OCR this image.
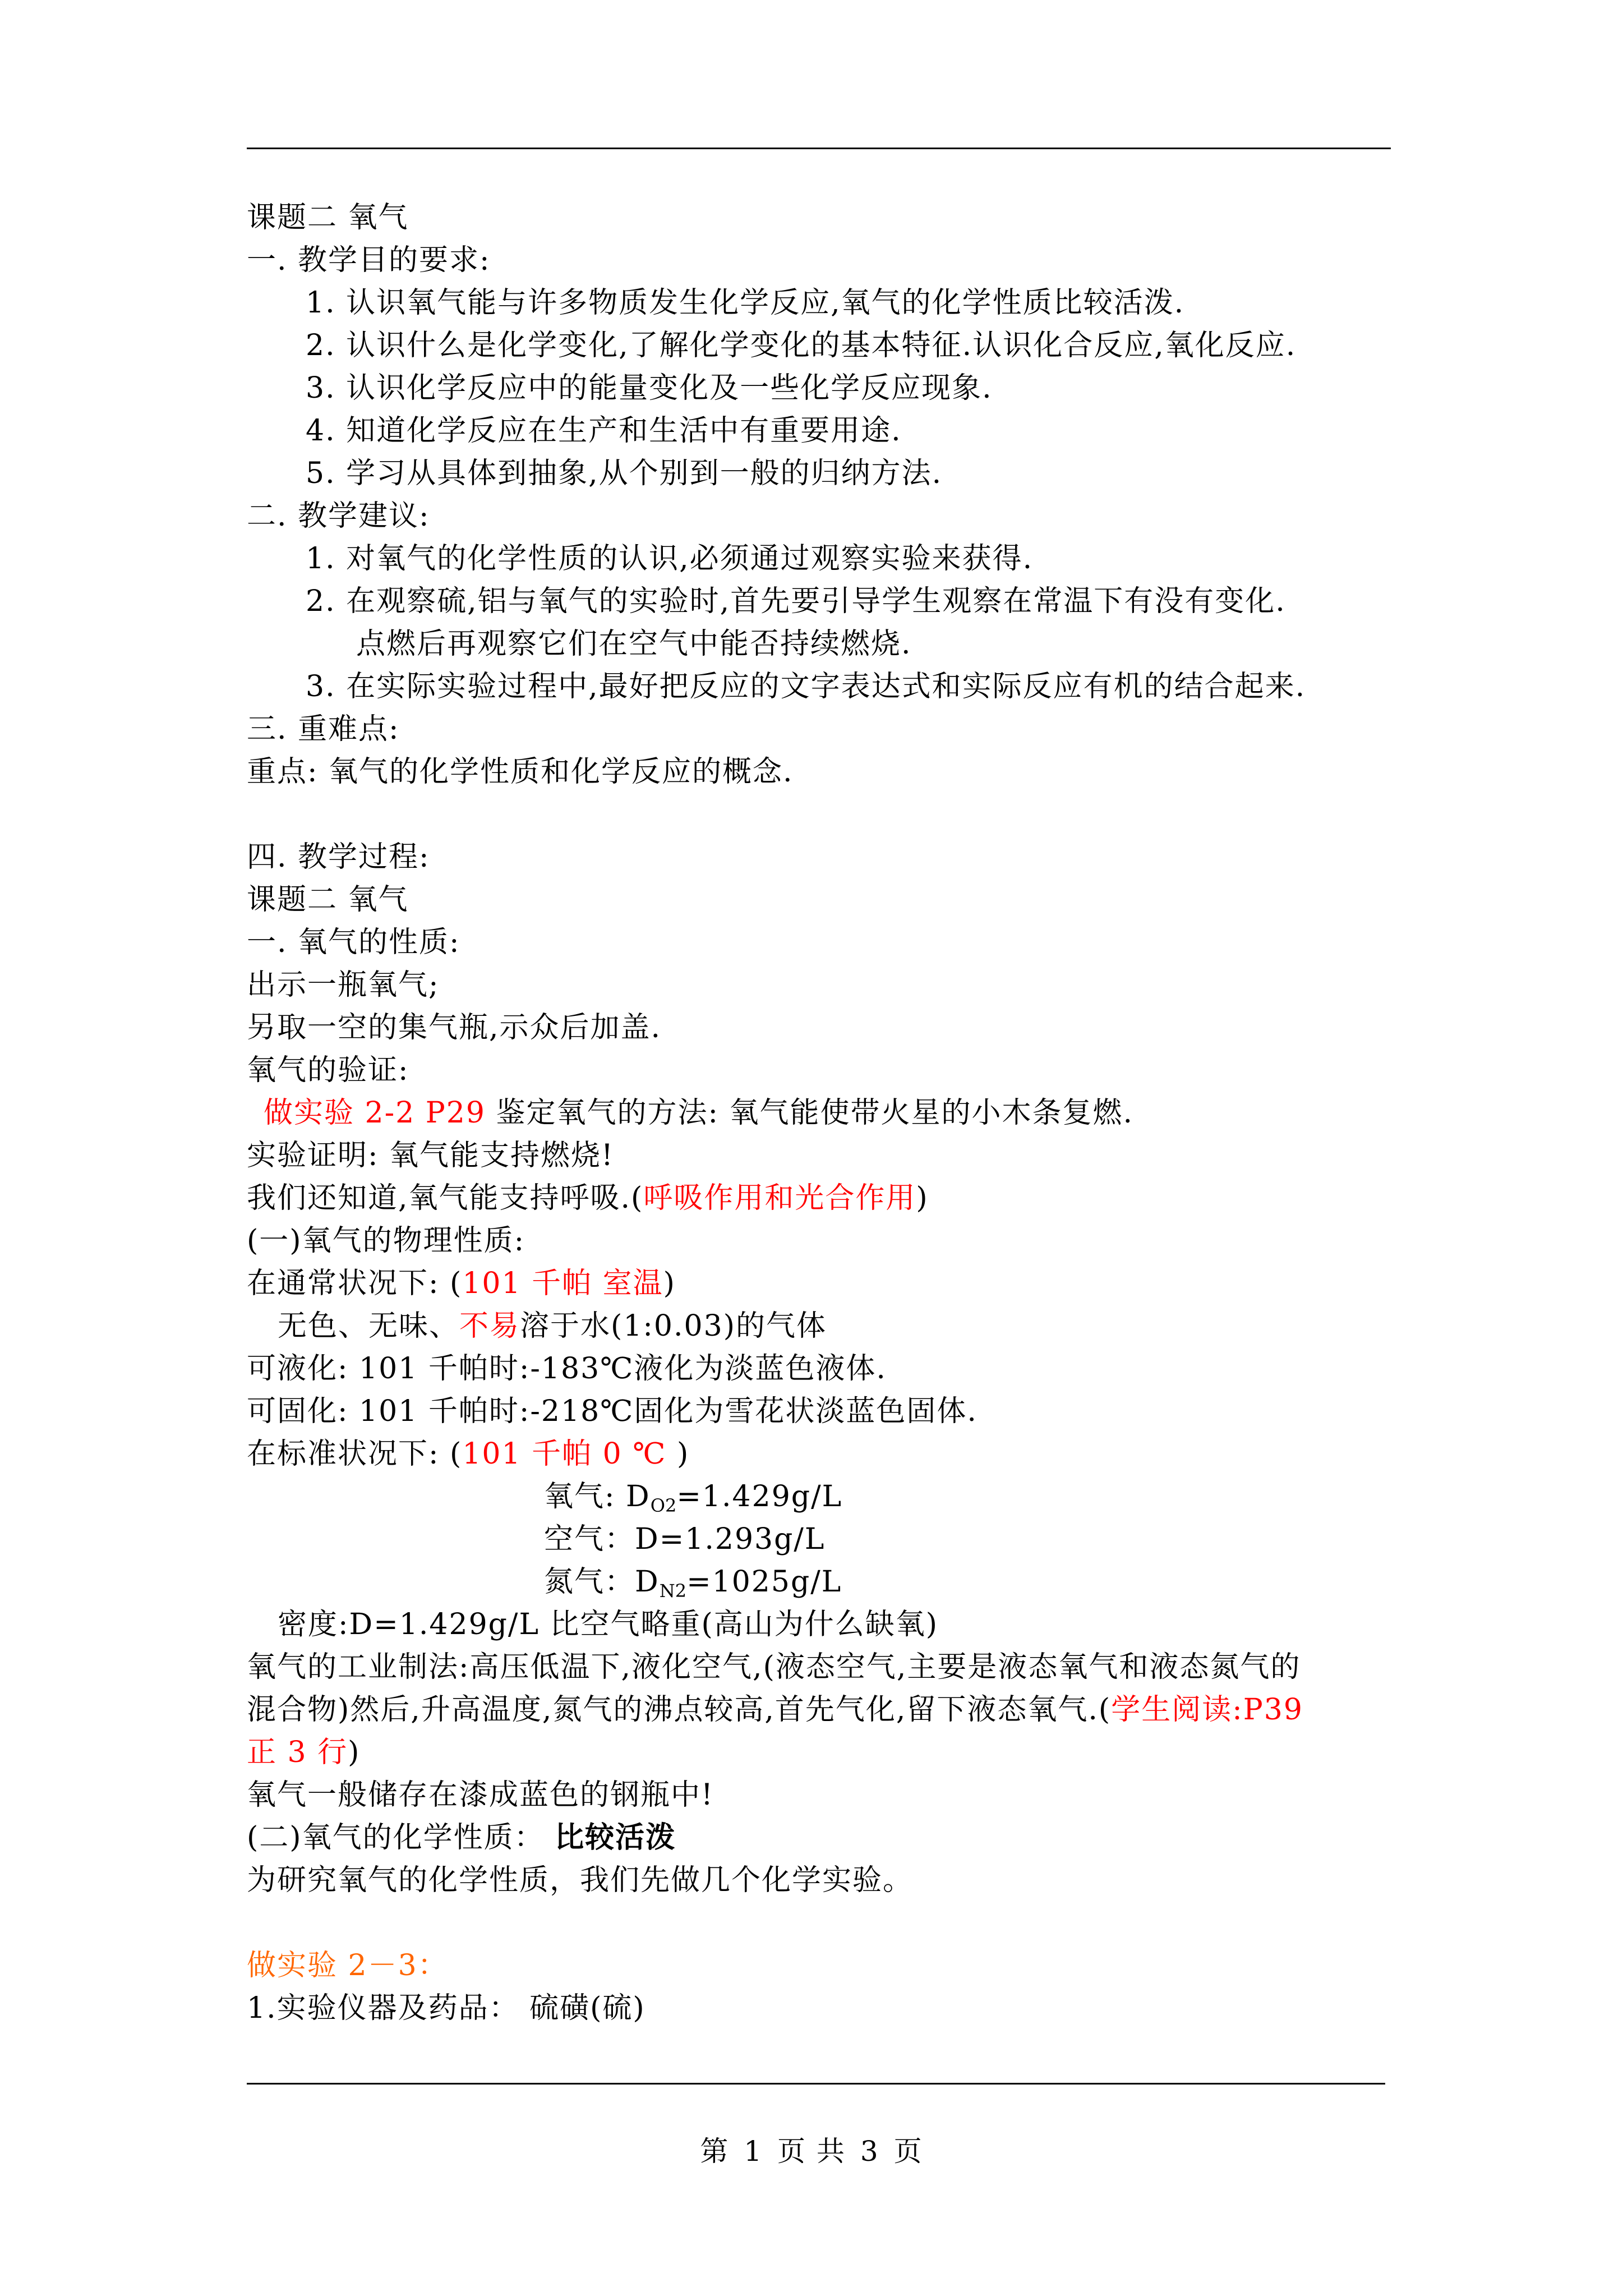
课题二 氧气
一. 教学目的要求:
1. 认识氧气能与许多物质发生化学反应,氧气的化学性质比较活泼.
2. 认识什么是化学变化,了解化学变化的基本特征.认识化合反应,氧化反应.
3. 认识化学反应中的能量变化及一些化学反应现象.
4. 知道化学反应在生产和生活中有重要用途.
5. 学习从具体到抽象,从个别到一般的归纳方法.
二. 教学建议:
1. 对氧气的化学性质的认识,必须通过观察实验来获得.
2. 在观察硫,铝与氧气的实验时,首先要引导学生观察在常温下有没有变化.
点燃后再观察它们在空气中能否持续燃烧.
3. 在实际实验过程中,最好把反应的文字表达式和实际反应有机的结合起来.
三. 重难点:
重点: 氧气的化学性质和化学反应的概念.
四. 教学过程:
课题二 氧气
一. 氧气的性质:
出示一瓶氧气;
另取一空的集气瓶,示众后加盖.
氧气的验证:
做实验 2-2 P29 鉴定氧气的方法: 氧气能使带火星的小木条复燃.
实验证明: 氧气能支持燃烧!
我们还知道,氧气能支持呼吸.(呼吸作用和光合作用)
(一)氧气的物理性质:
在通常状况下: (101 千帕 室温)
无色、无味、不易溶于水(1:0.03)的气体
可液化: 101 千帕时:-183℃液化为淡蓝色液体.
可固化: 101 千帕时:-218℃固化为雪花状淡蓝色固体.
在标准状况下: (101 千帕 0 ℃ )
氧气: $D_{O2}=1.429g/L$
空气：D=1.293g/L
氮气：$D_{N2}=1025g/L$
密度:D=1.429g/L 比空气略重(高山为什么缺氧)
氧气的工业制法:高压低温下,液化空气,(液态空气,主要是液态氧气和液态氮气的
混合物)然后,升高温度,氮气的沸点较高,首先气化,留下液态氧气.(学生阅读:P39
正 3 行)
氧气一般储存在漆成蓝色的钢瓶中!
(二)氧气的化学性质： 比较活泼
为研究氧气的化学性质，我们先做几个化学实验。
做实验 2－3：
1.实验仪器及药品： 硫磺(硫)
第 1 页 共 3 页
